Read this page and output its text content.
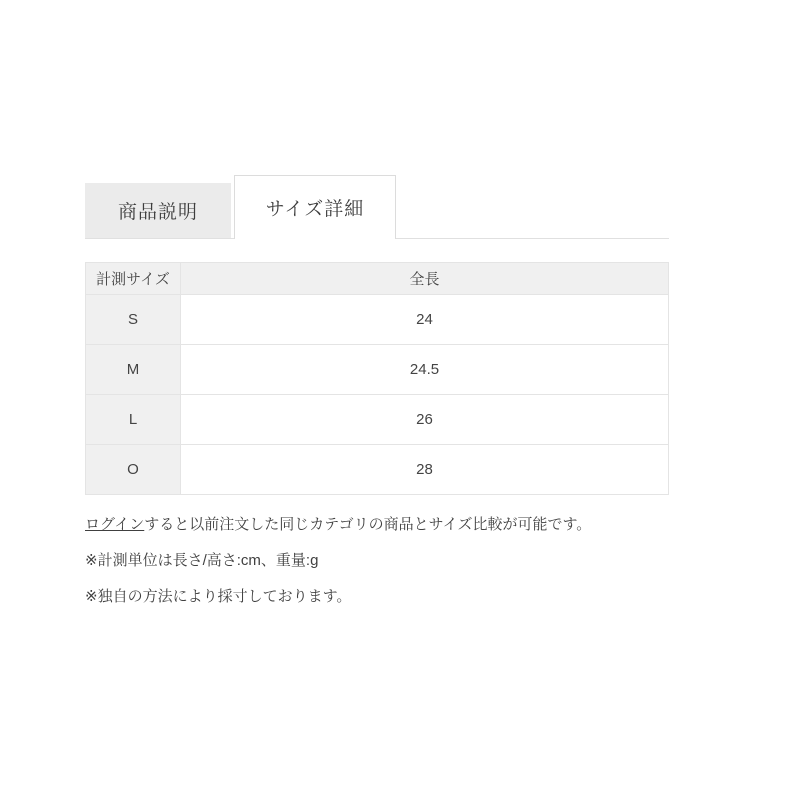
商品説明	サイズ詳細
計測サイズ	全長
S	24
M	24.5
L	26
O	28

ログインすると以前注文した同じカテゴリの商品とサイズ比較が可能です。

※計測単位は長さ/高さ:cm、重量:g

※独自の方法により採寸しております。
